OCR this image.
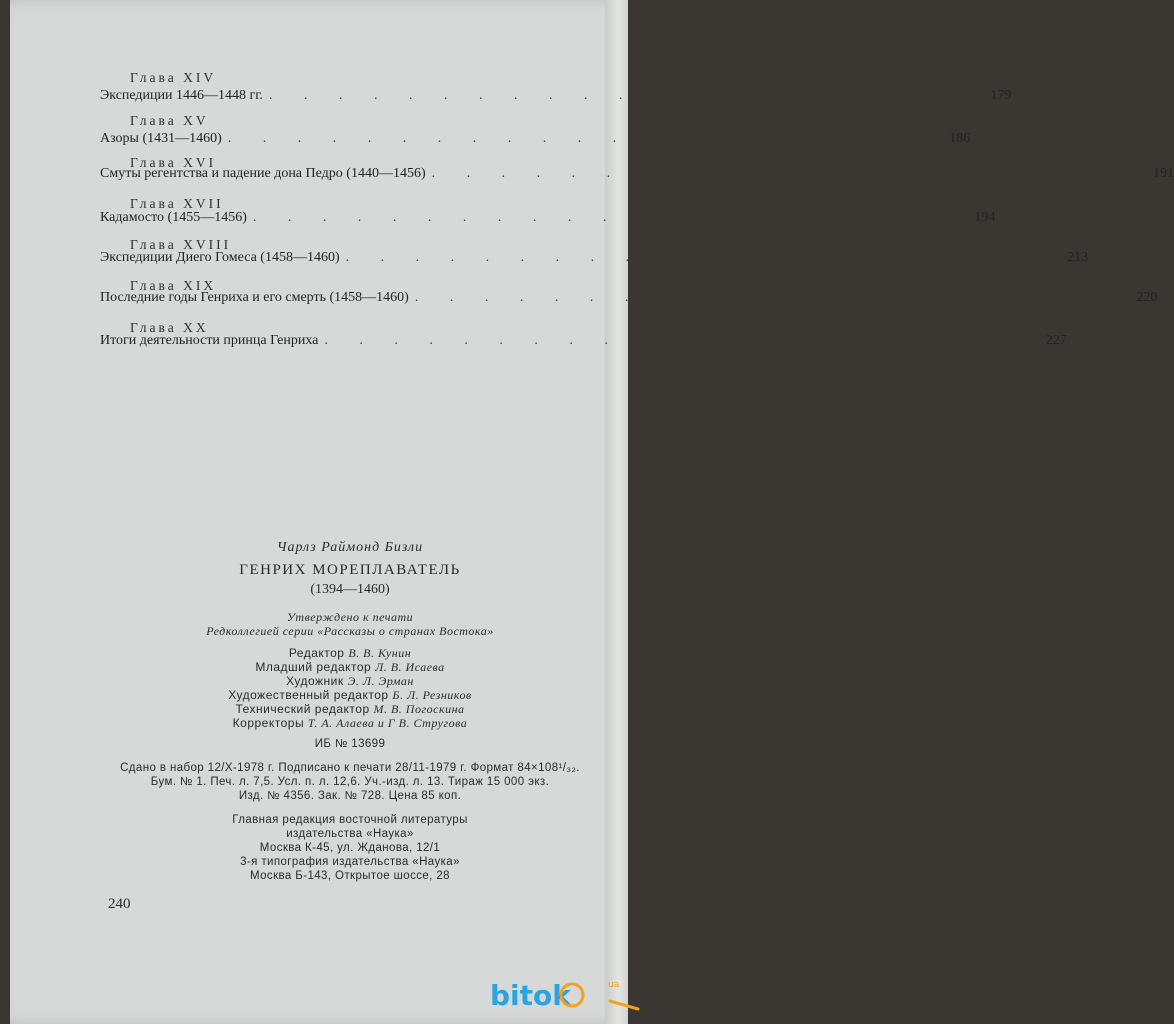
Глава XIV
Экспедиции 1446—1448 гг. . . . . . . . . . . . . . . . . . . . . . 179
Глава XV
Азоры (1431—1460) . . . . . . . . . . . . . . . . . . . . . 186
Глава XVI
Смуты регентства и падение дона Педро (1440—1456) . . . . . . . . . . . . . . . . . . . . . 191
Глава XVII
Кадамосто (1455—1456) . . . . . . . . . . . . . . . . . . . . . 194
Глава XVIII
Экспедиции Диего Гомеса (1458—1460) . . . . . . . . . . . . . . . . . . . . . 213
Глава XIX
Последние годы Генриха и его смерть (1458—1460) . . . . . . . . . . . . . . . . . . . . . 220
Глава XX
Итоги деятельности принца Генриха . . . . . . . . . . . . . . . . . . . . . 227
Чарлз Раймонд Бизли
ГЕНРИХ МОРЕПЛАВАТЕЛЬ
(1394—1460)
Утверждено к печати
Редколлегией серии «Рассказы о странах Востока»
Редактор В. В. Кунин
Младший редактор Л. В. Исаева
Художник Э. Л. Эрман
Художественный редактор Б. Л. Резников
Технический редактор М. В. Погоскина
Корректоры Т. А. Алаева и Г В. Стругова
ИБ № 13699
Сдано в набор 12/X-1978 г. Подписано к печати 28/11-1979 г. Формат 84×108¹/₃₂.
Бум. № 1. Печ. л. 7,5. Усл. п. л. 12,6. Уч.-изд. л. 13. Тираж 15 000 экз.
Изд. № 4356. Зак. № 728. Цена 85 коп.
Главная редакция восточной литературы
издательства «Наука»
Москва К-45, ул. Жданова, 12/1
3-я типография издательства «Наука»
Москва Б-143, Открытое шоссе, 28
240
bitok	ua
